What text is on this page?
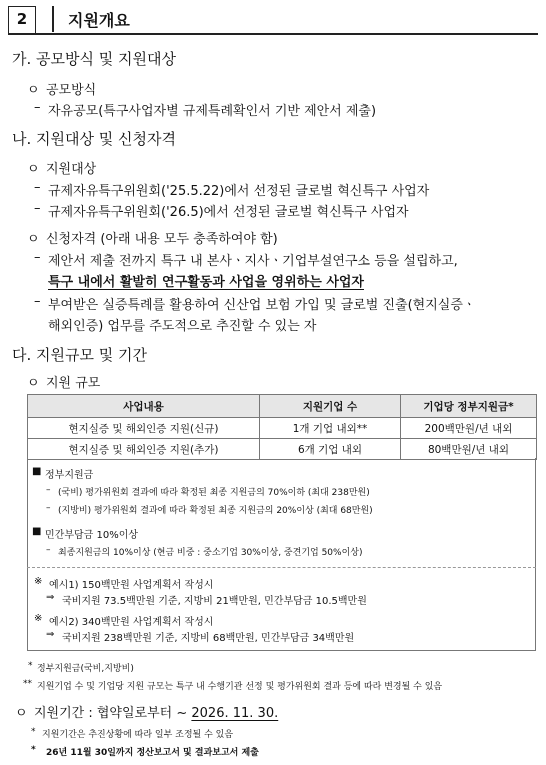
2	지원개요
가. 공모방식 및 지원대상
ㅇ 공모방식
– 자유공모(특구사업자별 규제특례확인서 기반 제안서 제출)
나. 지원대상 및 신청자격
ㅇ 지원대상
– 규제자유특구위원회('25.5.22)에서 선정된 글로벌 혁신특구 사업자
– 규제자유특구위원회('26.5)에서 선정된 글로벌 혁신특구 사업자
ㅇ 신청자격 (아래 내용 모두 충족하여야 함)
– 제안서 제출 전까지 특구 내 본사ㆍ지사ㆍ기업부설연구소 등을 설립하고,
특구 내에서 활발히 연구활동과 사업을 영위하는 사업자
– 부여받은 실증특례를 활용하여 신산업 보험 가입 및 글로벌 진출(현지실증ㆍ
해외인증) 업무를 주도적으로 추진할 수 있는 자
다. 지원규모 및 기간
ㅇ 지원 규모
사업내용	지원기업 수	기업당 정부지원금*
현지실증 및 해외인증 지원(신규)	1개 기업 내외**	200백만원/년 내외
현지실증 및 해외인증 지원(추가)	6개 기업 내외	80백만원/년 내외
■ 정부지원금
– (국비) 평가위원회 결과에 따라 확정된 최종 지원금의 70%이하 (최대 238만원)
– (지방비) 평가위원회 결과에 따라 확정된 최종 지원금의 20%이상 (최대 68만원)
■ 민간부담금 10%이상
– 최종지원금의 10%이상 (현금 비중 : 중소기업 30%이상, 중견기업 50%이상)
※ 예시1) 150백만원 사업계획서 작성시
⇒ 국비지원 73.5백만원 기준, 지방비 21백만원, 민간부담금 10.5백만원
※ 예시2) 340백만원 사업계획서 작성시
⇒ 국비지원 238백만원 기준, 지방비 68백만원, 민간부담금 34백만원
* 정부지원금(국비,지방비)
** 지원기업 수 및 기업당 지원 규모는 특구 내 수행기관 선정 및 평가위원회 결과 등에 따라 변경될 수 있음
ㅇ 지원기간 : 협약일로부터 ~ 2026. 11. 30.
* 지원기간은 추진상황에 따라 일부 조정될 수 있음
* 26년 11월 30일까지 정산보고서 및 결과보고서 제출
